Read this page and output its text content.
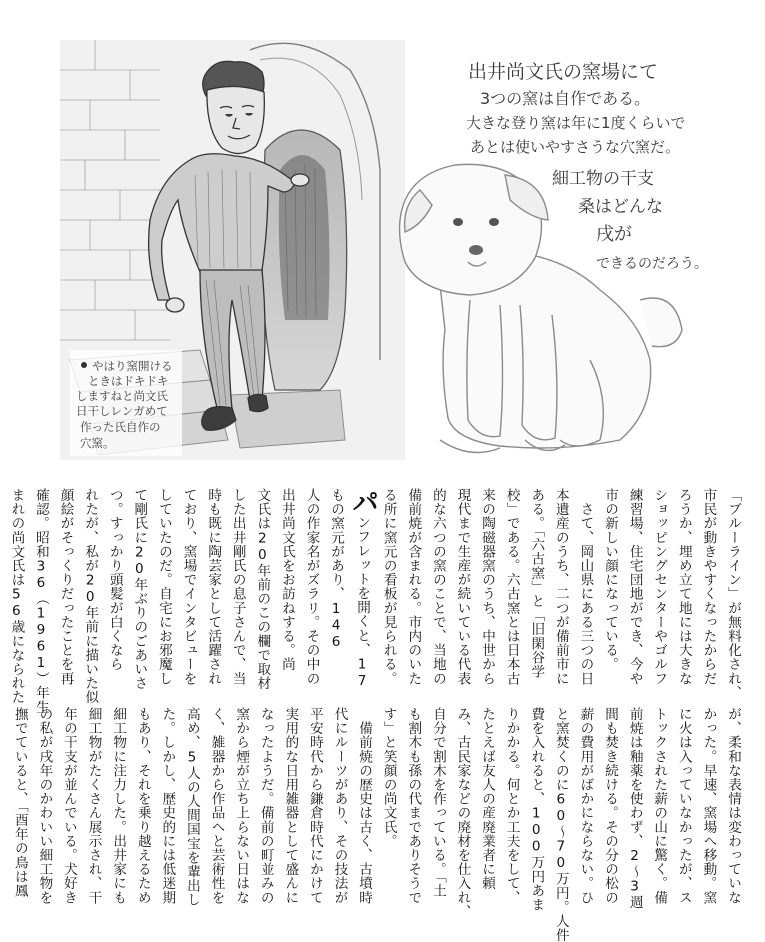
やはり窯開ける
ときはドキドキ
しますねと尚文氏
日干しレンガめて
作った氏自作の
穴窯。
出井尚文氏の窯場にて
3つの窯は自作である。
大きな登り窯は年に1度くらいで
あとは使いやすさうな穴窯だ。
細工物の干支
桑はどんな
戌が
できるのだろう。
「ブルーライン」が無料化され、
市民が動きやすくなったからだ
ろうか、埋め立て地には大きな
ショッピングセンターやゴルフ
練習場、住宅団地ができ、今や
市の新しい顔になっている。
　さて、岡山県にある三つの日
本遺産のうち、二つが備前市に
ある。「六古窯」と「旧閑谷学
校」である。六古窯とは日本古
来の陶磁器窯のうち、中世から
現代まで生産が続いている代表
的な六つの窯のことで、当地の
備前焼が含まれる。市内のいた
る所に窯元の看板が見られる。
パンフレットを開くと、17
もの窯元があり、146
人の作家名がズラリ。その中の
出井尚文氏をお訪ねする。尚
文氏は20年前のこの欄で取材
した出井剛氏の息子さんで、当
時も既に陶芸家として活躍され
ており、窯場でインタビューを
していたのだ。自宅にお邪魔し
て剛氏に20年ぶりのごあいさ
つ。すっかり頭髪が白くなら
れたが、私が20年前に描いた似
顔絵がそっくりだったことを再
確認。昭和36（1961）年生
まれの尚文氏は56歳になられた
が、柔和な表情は変わっていな
かった。早速、窯場へ移動。窯
に火は入っていなかったが、ス
トックされた薪の山に驚く。備
前焼は釉薬を使わず、2〜3週
間も焚き続ける。その分の松の
薪の費用がばかにならない。ひ
と窯焚くのに60〜70万円。人件
費を入れると、100万円あま
りかかる。何とか工夫をして、
たとえば友人の産廃業者に頼
み、古民家などの廃材を仕入れ、
自分で割木を作っている。「土
も割木も孫の代までありそうで
す」と笑顔の尚文氏。
　備前焼の歴史は古く、古墳時
代にルーツがあり、その技法が
平安時代から鎌倉時代にかけて
実用的な日用雑器として盛んに
なったようだ。備前の町並みの
窯から煙が立ち上らない日はな
く、雑器から作品へと芸術性を
高め、5人の人間国宝を輩出し
た。しかし、歴史的には低迷期
もあり、それを乗り越えるため
細工物に注力した。出井家にも
細工物がたくさん展示され、干
年の干支が並んでいる。犬好き
の私が戌年のかわいい細工物を
撫でていると、「酉年の鳥は鳳
